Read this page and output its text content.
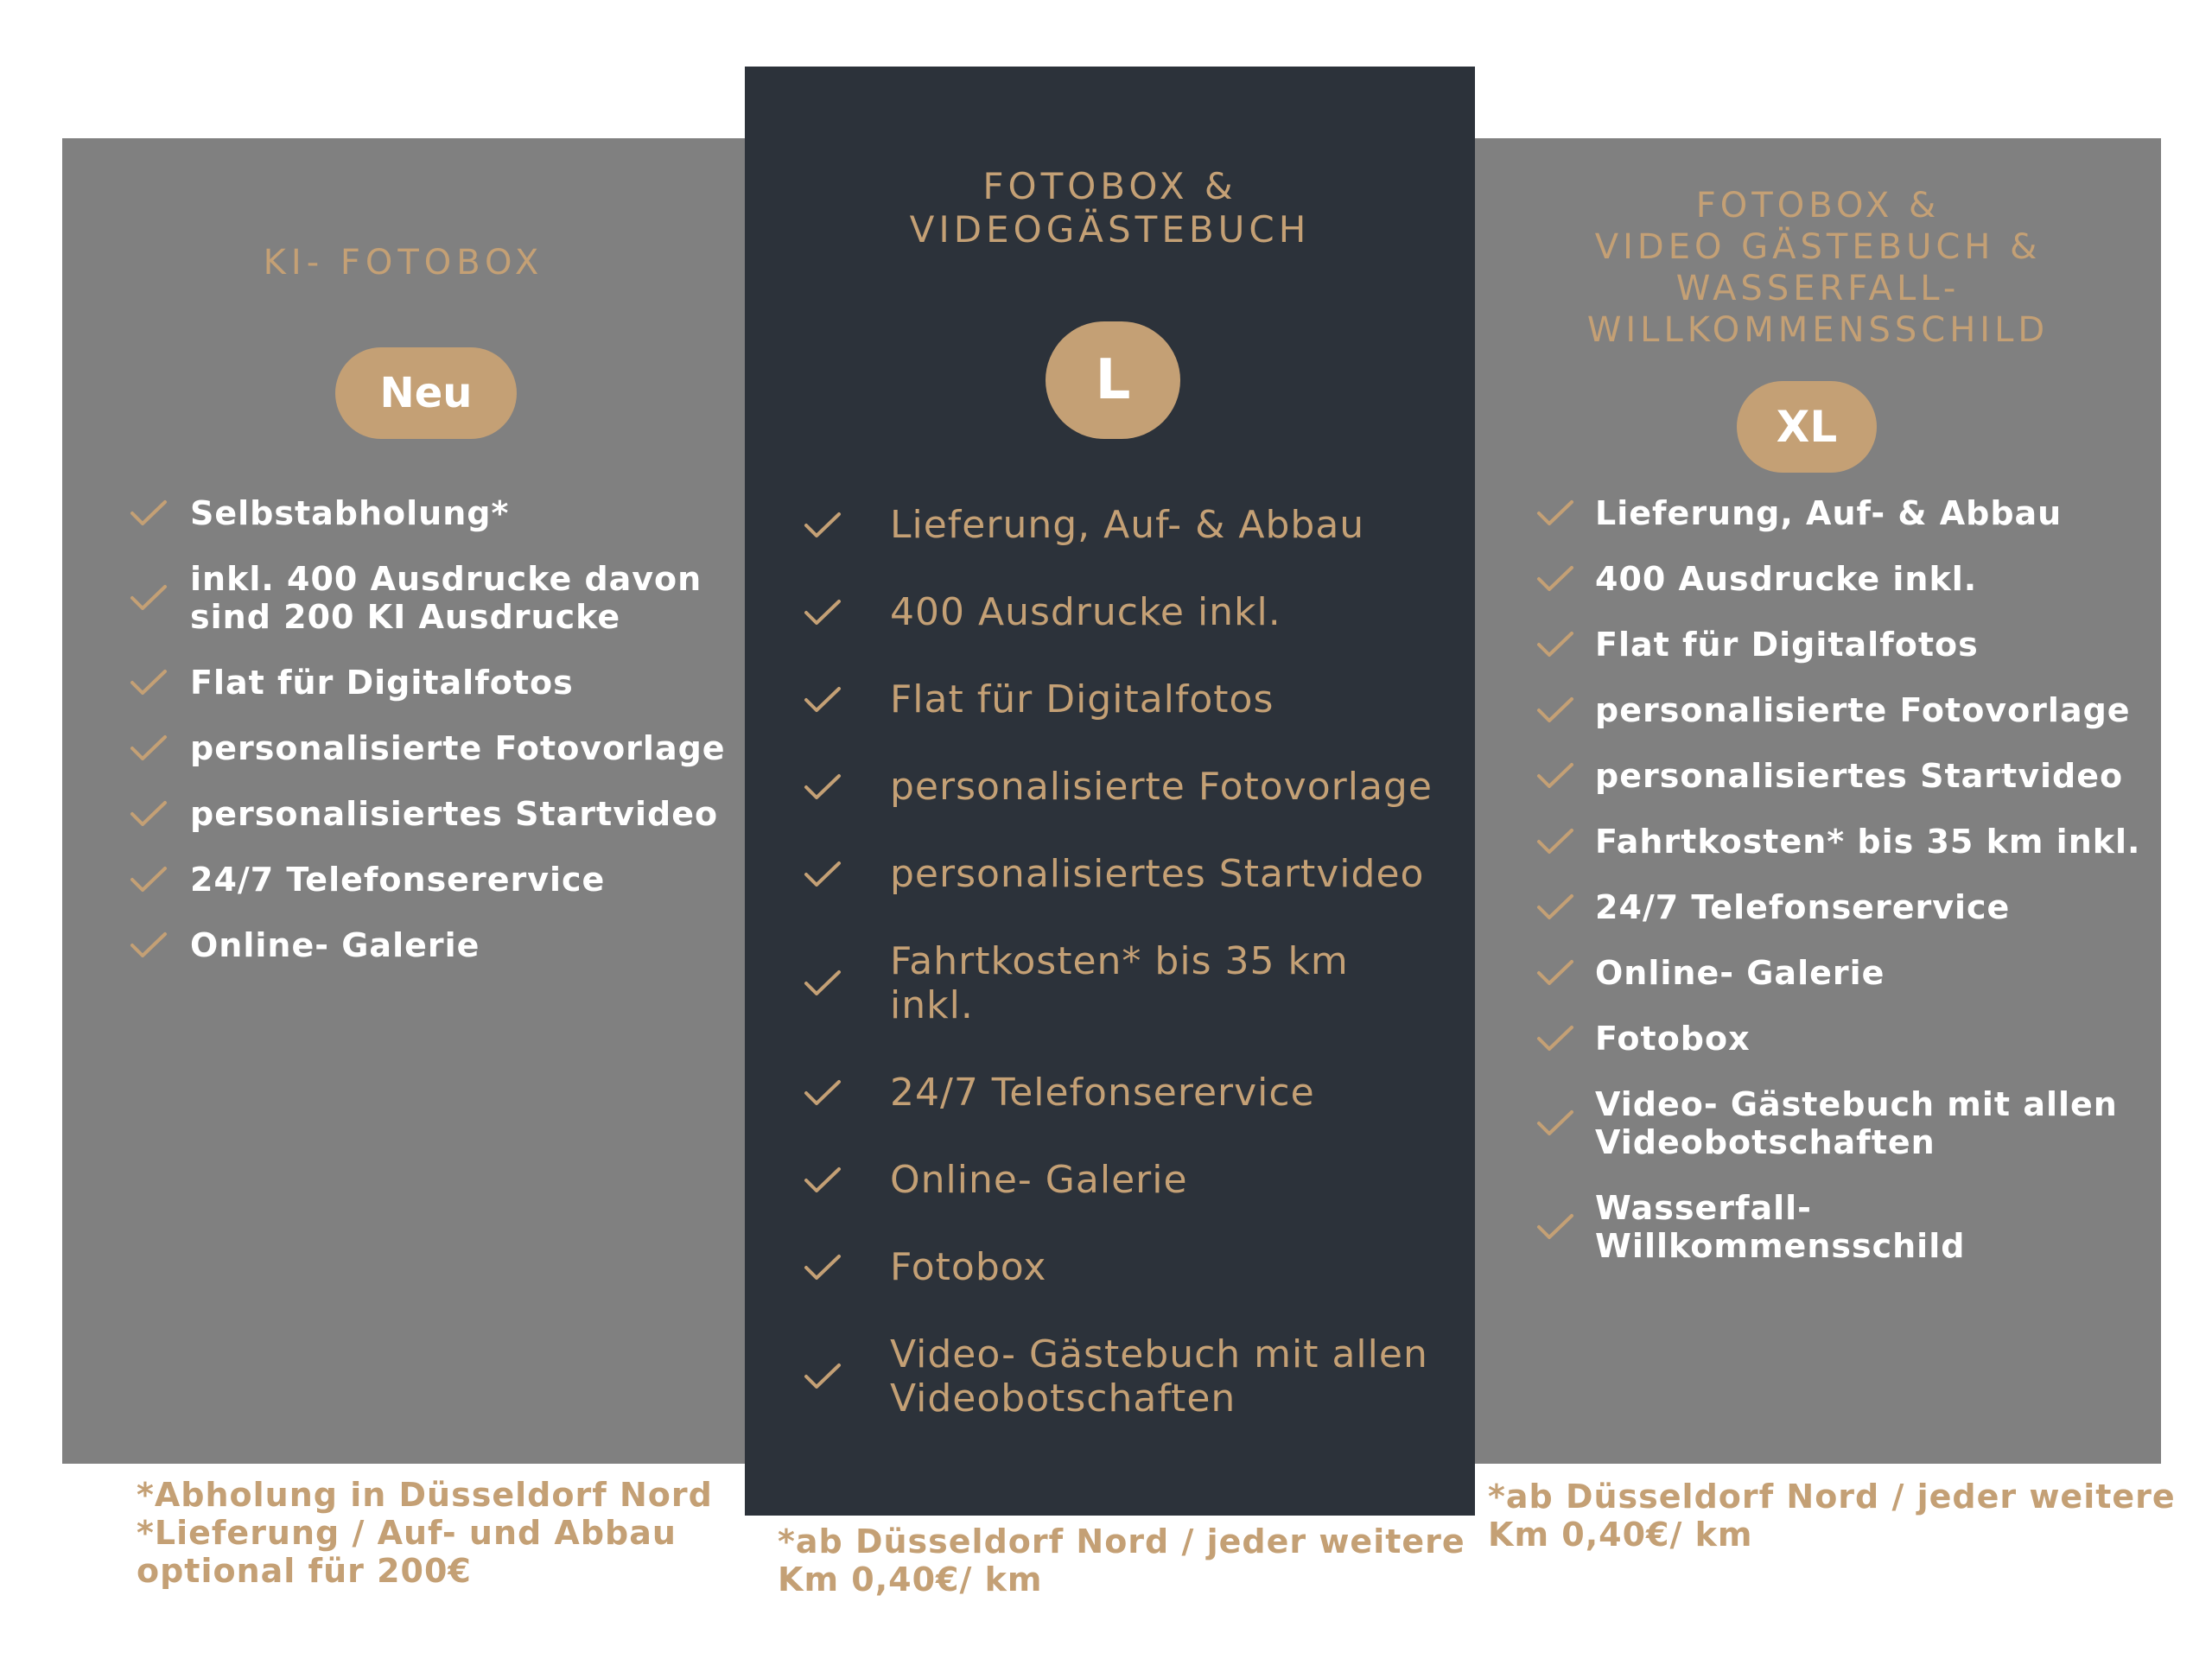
KI- FOTOBOX
Neu
Selbstabholung*
inkl. 400 Ausdrucke davon
sind 200 KI Ausdrucke
Flat für Digitalfotos
personalisierte Fotovorlage
personalisiertes Startvideo
24/7 Telefonserervice
Online- Galerie
FOTOBOX &
VIDEOGÄSTEBUCH
L
Lieferung, Auf- & Abbau
400 Ausdrucke inkl.
Flat für Digitalfotos
personalisierte Fotovorlage
personalisiertes Startvideo
Fahrtkosten* bis 35 km
inkl.
24/7 Telefonserervice
Online- Galerie
Fotobox
Video- Gästebuch mit allen
Videobotschaften
FOTOBOX &
VIDEO GÄSTEBUCH &
WASSERFALL-
WILLKOMMENSSCHILD
XL
Lieferung, Auf- & Abbau
400 Ausdrucke inkl.
Flat für Digitalfotos
personalisierte Fotovorlage
personalisiertes Startvideo
Fahrtkosten* bis 35 km inkl.
24/7 Telefonserervice
Online- Galerie
Fotobox
Video- Gästebuch mit allen
Videobotschaften
Wasserfall-
Willkommensschild

*Abholung in Düsseldorf Nord
*Lieferung / Auf- und Abbau
optional für 200€

*ab Düsseldorf Nord / jeder weitere
Km 0,40€/ km

*ab Düsseldorf Nord / jeder weitere
Km 0,40€/ km
